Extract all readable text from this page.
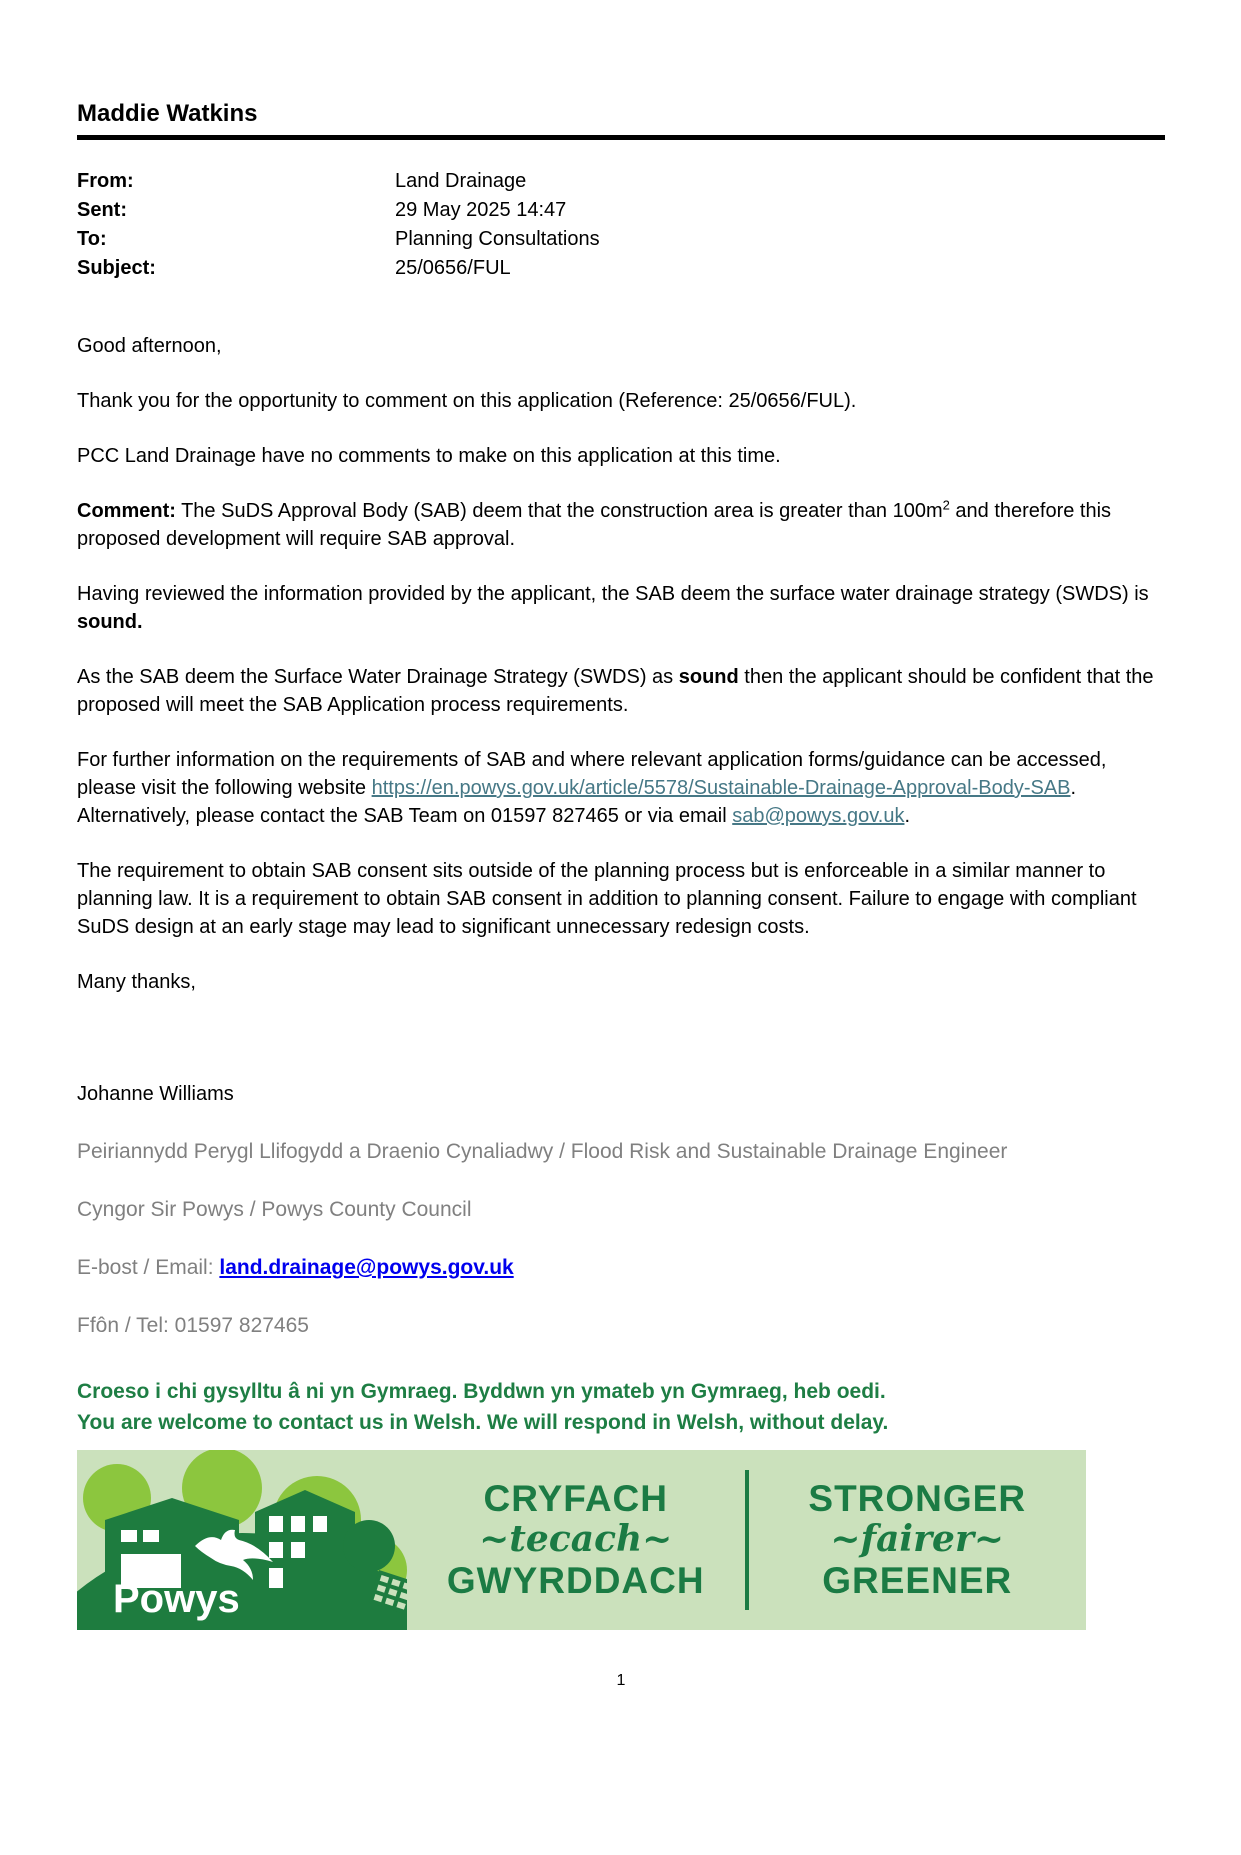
Maddie Watkins
From:	Land Drainage
Sent:	29 May 2025 14:47
To:	Planning Consultations
Subject:	25/0656/FUL

Good afternoon,

Thank you for the opportunity to comment on this application (Reference: 25/0656/FUL).

PCC Land Drainage have no comments to make on this application at this time.

Comment: The SuDS Approval Body (SAB) deem that the construction area is greater than $100m^2$ and therefore this proposed development will require SAB approval.

Having reviewed the information provided by the applicant, the SAB deem the surface water drainage strategy (SWDS) is sound.

As the SAB deem the Surface Water Drainage Strategy (SWDS) as sound then the applicant should be confident that the proposed will meet the SAB Application process requirements.

For further information on the requirements of SAB and where relevant application forms/guidance can be accessed, please visit the following website https://en.powys.gov.uk/article/5578/Sustainable-Drainage-Approval-Body-SAB. Alternatively, please contact the SAB Team on 01597 827465 or via email sab@powys.gov.uk.

The requirement to obtain SAB consent sits outside of the planning process but is enforceable in a similar manner to planning law. It is a requirement to obtain SAB consent in addition to planning consent. Failure to engage with compliant SuDS design at an early stage may lead to significant unnecessary redesign costs.

Many thanks,

Johanne Williams
Peiriannydd Perygl Llifogydd a Draenio Cynaliadwy / Flood Risk and Sustainable Drainage Engineer
Cyngor Sir Powys / Powys County Council
E-bost / Email: land.drainage@powys.gov.uk
Ffôn / Tel: 01597 827465
Croeso i chi gysylltu â ni yn Gymraeg. Byddwn yn ymateb yn Gymraeg, heb oedi.
You are welcome to contact us in Welsh. We will respond in Welsh, without delay.
Powys
CRYFACH
~tecach~
GWYRDDACH
STRONGER
~fairer~
GREENER
1
